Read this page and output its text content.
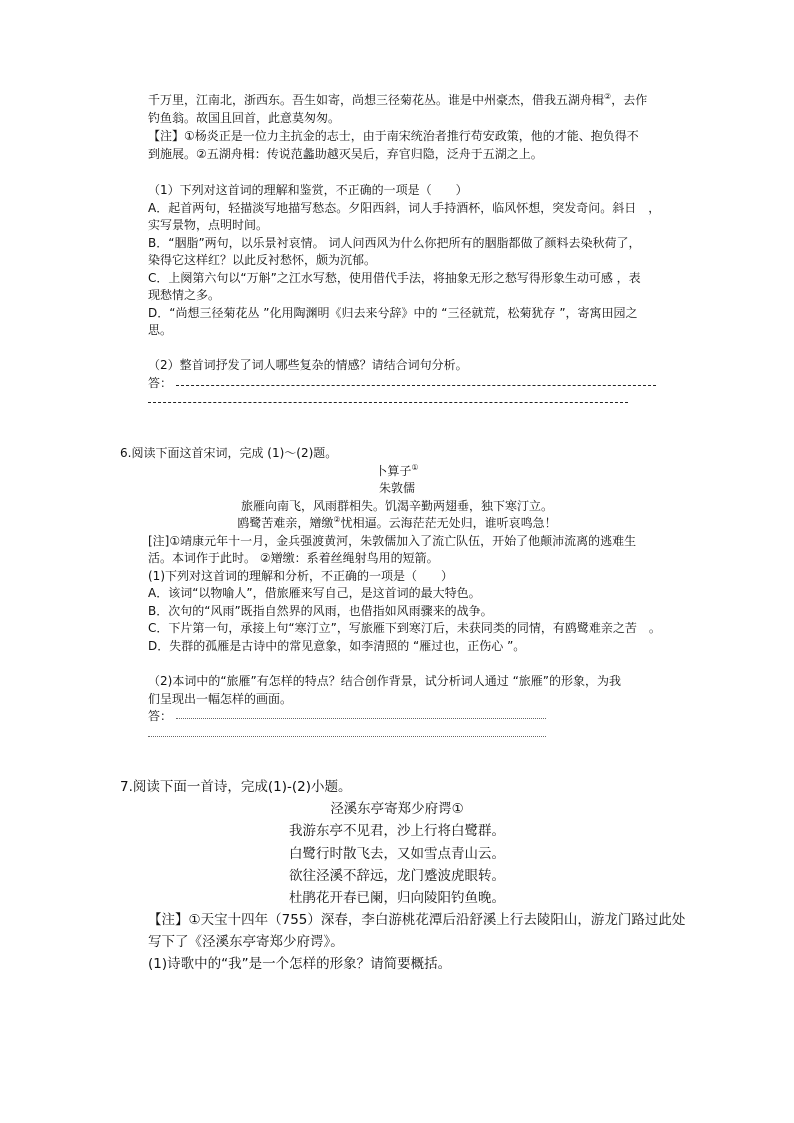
千万里，江南北，浙西东。吾生如寄，尚想三径菊花丛。谁是中州豪杰，借我五湖舟楫②，去作
钓鱼翁。故国且回首，此意莫匆匆。
【注】①杨炎正是一位力主抗金的志士，由于南宋统治者推行苟安政策，他的才能、抱负得不
到施展。②五湖舟楫：传说范蠡助越灭吴后，弃官归隐，泛舟于五湖之上。
（1）下列对这首词的理解和鉴赏，不正确的一项是（　　）
A．起首两句，轻描淡写地描写愁态。夕阳西斜，词人手持酒杯，临风怀想，突发奇问。斜日　，
实写景物，点明时间。
B．“胭脂”两句，以乐景衬哀情。 词人问西风为什么你把所有的胭脂都做了颜料去染秋荷了，
染得它这样红？以此反衬愁怀，颇为沉郁。
C．上阕第六句以“万斛”之江水写愁，使用借代手法，将抽象无形之愁写得形象生动可感 ，表
现愁情之多。
D．“尚想三径菊花丛 ”化用陶渊明《归去来兮辞》中的 “三径就荒，松菊犹存 ”，寄寓田园之
思。
（2）整首词抒发了词人哪些复杂的情感？请结合词句分析。
答：
6.阅读下面这首宋词，完成 (1)～(2)题。
卜算子①
朱敦儒
旅雁向南飞，风雨群相失。饥渴辛勤两翅垂，独下寒汀立。
鸥鹭苦难亲，矰缴②忧相逼。云海茫茫无处归，谁听哀鸣急！
[注]①靖康元年十一月，金兵强渡黄河，朱敦儒加入了流亡队伍，开始了他颠沛流离的逃难生
活。本词作于此时。 ②矰缴：系着丝绳射鸟用的短箭。
(1)下列对这首词的理解和分析，不正确的一项是（　　）
A．该词“以物喻人”，借旅雁来写自己，是这首词的最大特色。
B．次句的“风雨”既指自然界的风雨，也借指如风雨骤来的战争。
C．下片第一句，承接上句“寒汀立”，写旅雁下到寒汀后，未获同类的同情，有鸥鹭难亲之苦　。
D．失群的孤雁是古诗中的常见意象，如李清照的 “雁过也，正伤心 ”。
（2)本词中的“旅雁”有怎样的特点？结合创作背景，试分析词人通过 “旅雁”的形象，为我
们呈现出一幅怎样的画面。
答：
7.阅读下面一首诗，完成(1)-(2)小题。
泾溪东亭寄郑少府谔①
我游东亭不见君，沙上行将白鹭群。
白鹭行时散飞去，又如雪点青山云。
欲往泾溪不辞远，龙门蹙波虎眼转。
杜鹃花开春已阑，归向陵阳钓鱼晚。
【注】①天宝十四年（755）深春，李白游桃花潭后沿舒溪上行去陵阳山，游龙门路过此处
写下了《泾溪东亭寄郑少府谔》。
(1)诗歌中的“我”是一个怎样的形象？请简要概括。
